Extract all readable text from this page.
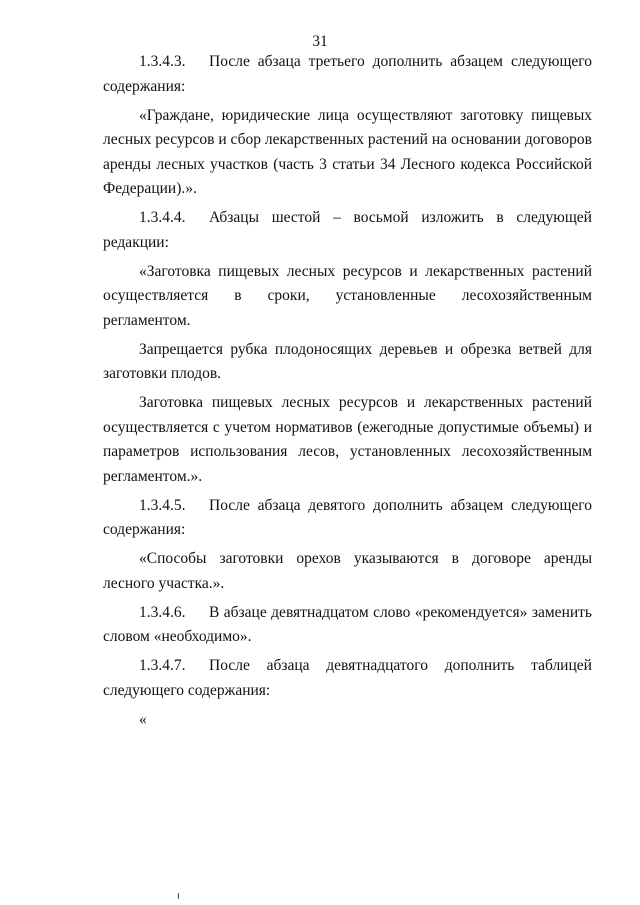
31
1.3.4.3.	После абзаца третьего дополнить абзацем следующего

содержания:

«Граждане, юридические лица осуществляют заготовку пищевых лесных ресурсов и сбор лекарственных растений на основании договоров аренды лесных участков (часть 3 статьи 34 Лесного кодекса Российской Федерации).».

1.3.4.4.	Абзацы шестой – восьмой изложить в следующей

редакции:

«Заготовка пищевых лесных ресурсов и лекарственных растений осуществляется в сроки, установленные лесохозяйственным регламентом.

Запрещается рубка плодоносящих деревьев и обрезка ветвей для заготовки плодов.

Заготовка пищевых лесных ресурсов и лекарственных растений осуществляется с учетом нормативов (ежегодные допустимые объемы) и параметров использования лесов, установленных лесохозяйственным регламентом.».

1.3.4.5.	После абзаца девятого дополнить абзацем следующего

содержания:

«Способы заготовки орехов указываются в договоре аренды лесного участка.».

1.3.4.6.	В абзаце девятнадцатом слово «рекомендуется» заменить

словом «необходимо».

1.3.4.7.	После абзаца девятнадцатого дополнить таблицей

следующего содержания:

«
